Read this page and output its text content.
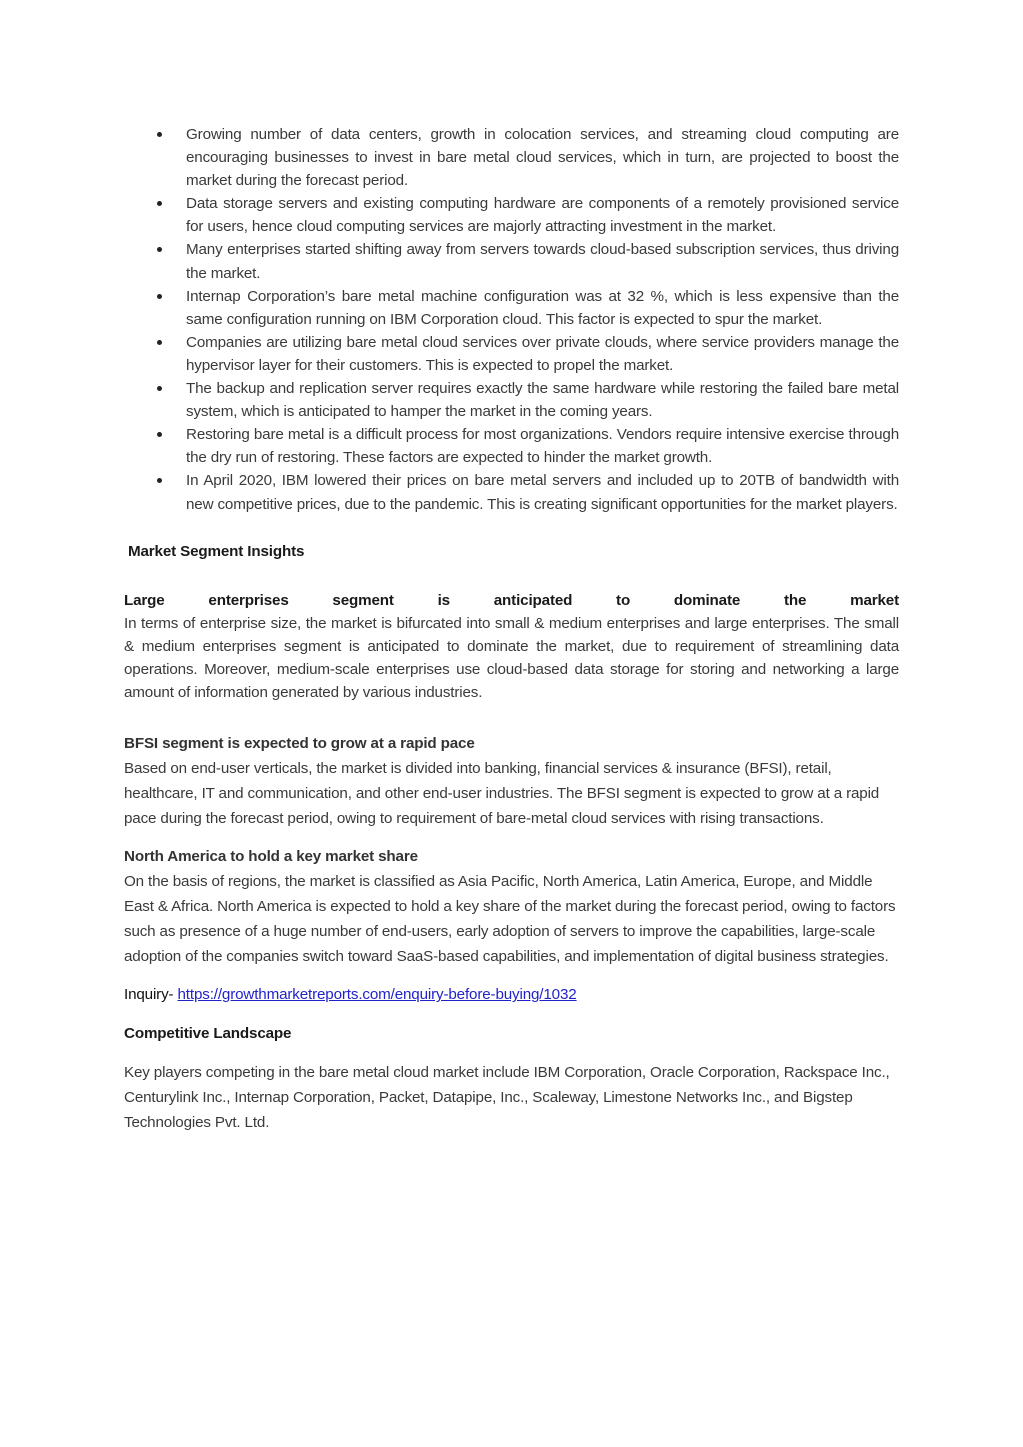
Growing number of data centers, growth in colocation services, and streaming cloud computing are encouraging businesses to invest in bare metal cloud services, which in turn, are projected to boost the market during the forecast period.
Data storage servers and existing computing hardware are components of a remotely provisioned service for users, hence cloud computing services are majorly attracting investment in the market.
Many enterprises started shifting away from servers towards cloud-based subscription services, thus driving the market.
Internap Corporation’s bare metal machine configuration was at 32 %, which is less expensive than the same configuration running on IBM Corporation cloud. This factor is expected to spur the market.
Companies are utilizing bare metal cloud services over private clouds, where service providers manage the hypervisor layer for their customers. This is expected to propel the market.
The backup and replication server requires exactly the same hardware while restoring the failed bare metal system, which is anticipated to hamper the market in the coming years.
Restoring bare metal is a difficult process for most organizations. Vendors require intensive exercise through the dry run of restoring. These factors are expected to hinder the market growth.
In April 2020, IBM lowered their prices on bare metal servers and included up to 20TB of bandwidth with new competitive prices, due to the pandemic. This is creating significant opportunities for the market players.
Market Segment Insights
Large enterprises segment is anticipated to dominate the market
In terms of enterprise size, the market is bifurcated into small & medium enterprises and large enterprises. The small & medium enterprises segment is anticipated to dominate the market, due to requirement of streamlining data operations. Moreover, medium-scale enterprises use cloud-based data storage for storing and networking a large amount of information generated by various industries.
BFSI segment is expected to grow at a rapid pace
Based on end-user verticals, the market is divided into banking, financial services & insurance (BFSI), retail, healthcare, IT and communication, and other end-user industries. The BFSI segment is expected to grow at a rapid pace during the forecast period, owing to requirement of bare-metal cloud services with rising transactions.
North America to hold a key market share
On the basis of regions, the market is classified as Asia Pacific, North America, Latin America, Europe, and Middle East & Africa. North America is expected to hold a key share of the market during the forecast period, owing to factors such as presence of a huge number of end-users, early adoption of servers to improve the capabilities, large-scale adoption of the companies switch toward SaaS-based capabilities, and implementation of digital business strategies.
Inquiry- https://growthmarketreports.com/enquiry-before-buying/1032
Competitive Landscape
Key players competing in the bare metal cloud market include IBM Corporation, Oracle Corporation, Rackspace Inc., Centurylink Inc., Internap Corporation, Packet, Datapipe, Inc., Scaleway, Limestone Networks Inc., and Bigstep Technologies Pvt. Ltd.
